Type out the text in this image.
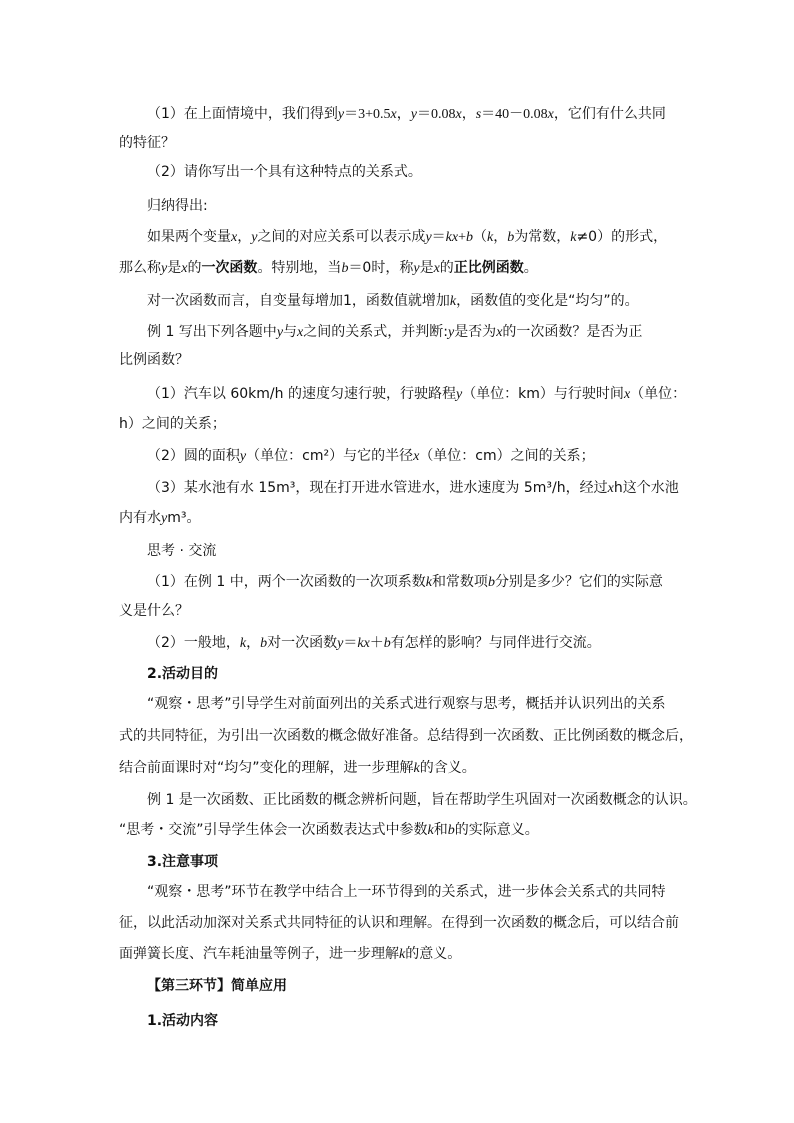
（1）在上面情境中，我们得到y＝3+0.5x，y＝0.08x，s＝40－0.08x，它们有什么共同
的特征？
（2）请你写出一个具有这种特点的关系式。
归纳得出:
如果两个变量x，y之间的对应关系可以表示成y＝kx+b（k，b为常数，k≠0）的形式，
那么称y是x的一次函数。特别地，当b＝0时，称y是x的正比例函数。
对一次函数而言，自变量每增加1，函数值就增加k，函数值的变化是“均匀”的。
例 1 写出下列各题中y与x之间的关系式，并判断:y是否为x的一次函数？是否为正
比例函数？
（1）汽车以 60km/h 的速度匀速行驶，行驶路程y（单位：km）与行驶时间x（单位：
h）之间的关系；
（2）圆的面积y（单位：cm²）与它的半径x（单位：cm）之间的关系；
（3）某水池有水 15m³，现在打开进水管进水，进水速度为 5m³/h，经过xh这个水池
内有水ym³。
思考 · 交流
（1）在例 1 中，两个一次函数的一次项系数k和常数项b分别是多少？它们的实际意
义是什么？
（2）一般地，k，b对一次函数y＝kx＋b有怎样的影响？与同伴进行交流。
2.活动目的
“观察・思考”引导学生对前面列出的关系式进行观察与思考，概括并认识列出的关系
式的共同特征，为引出一次函数的概念做好准备。总结得到一次函数、正比例函数的概念后，
结合前面课时对“均匀”变化的理解，进一步理解k的含义。
例 1 是一次函数、正比函数的概念辨析问题，旨在帮助学生巩固对一次函数概念的认识。
“思考・交流”引导学生体会一次函数表达式中参数k和b的实际意义。
3.注意事项
“观察・思考”环节在教学中结合上一环节得到的关系式，进一步体会关系式的共同特
征，以此活动加深对关系式共同特征的认识和理解。在得到一次函数的概念后，可以结合前
面弹簧长度、汽车耗油量等例子，进一步理解k的意义。
【第三环节】简单应用
1.活动内容
